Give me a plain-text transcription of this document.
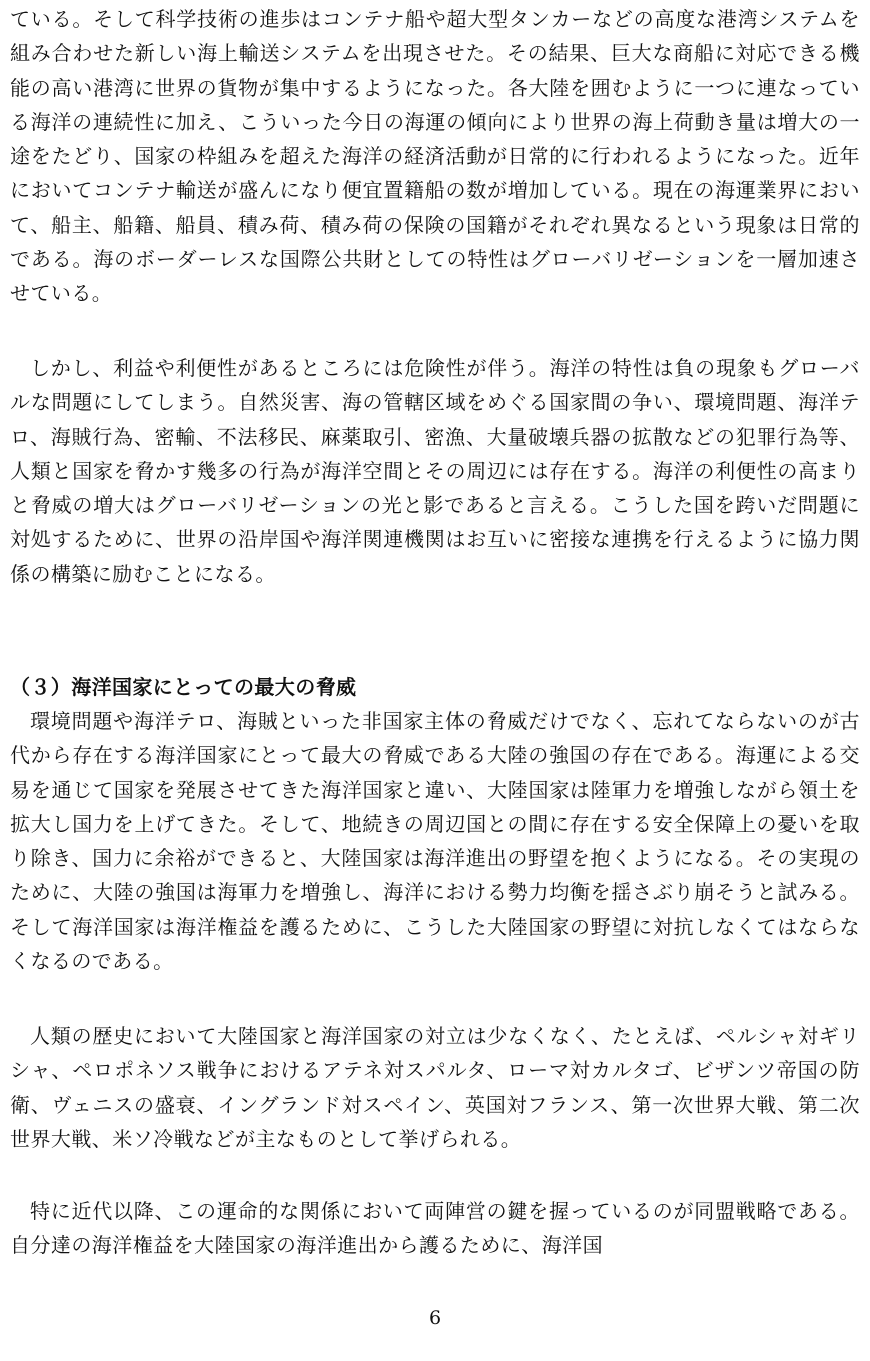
ている。そして科学技術の進歩はコンテナ船や超大型タンカーなどの高度な港湾システムを組み合わせた新しい海上輸送システムを出現させた。その結果、巨大な商船に対応できる機能の高い港湾に世界の貨物が集中するようになった。各大陸を囲むように一つに連なっている海洋の連続性に加え、こういった今日の海運の傾向により世界の海上荷動き量は増大の一途をたどり、国家の枠組みを超えた海洋の経済活動が日常的に行われるようになった。近年においてコンテナ輸送が盛んになり便宜置籍船の数が増加している。現在の海運業界において、船主、船籍、船員、積み荷、積み荷の保険の国籍がそれぞれ異なるという現象は日常的である。海のボーダーレスな国際公共財としての特性はグローバリゼーションを一層加速させている。

しかし、利益や利便性があるところには危険性が伴う。海洋の特性は負の現象もグローバルな問題にしてしまう。自然災害、海の管轄区域をめぐる国家間の争い、環境問題、海洋テロ、海賊行為、密輸、不法移民、麻薬取引、密漁、大量破壊兵器の拡散などの犯罪行為等、人類と国家を脅かす幾多の行為が海洋空間とその周辺には存在する。海洋の利便性の高まりと脅威の増大はグローバリゼーションの光と影であると言える。こうした国を跨いだ問題に対処するために、世界の沿岸国や海洋関連機関はお互いに密接な連携を行えるように協力関係の構築に励むことになる。

（３）海洋国家にとっての最大の脅威

環境問題や海洋テロ、海賊といった非国家主体の脅威だけでなく、忘れてならないのが古代から存在する海洋国家にとって最大の脅威である大陸の強国の存在である。海運による交易を通じて国家を発展させてきた海洋国家と違い、大陸国家は陸軍力を増強しながら領土を拡大し国力を上げてきた。そして、地続きの周辺国との間に存在する安全保障上の憂いを取り除き、国力に余裕ができると、大陸国家は海洋進出の野望を抱くようになる。その実現のために、大陸の強国は海軍力を増強し、海洋における勢力均衡を揺さぶり崩そうと試みる。そして海洋国家は海洋権益を護るために、こうした大陸国家の野望に対抗しなくてはならなくなるのである。

人類の歴史において大陸国家と海洋国家の対立は少なくなく、たとえば、ペルシャ対ギリシャ、ペロポネソス戦争におけるアテネ対スパルタ、ローマ対カルタゴ、ビザンツ帝国の防衛、ヴェニスの盛衰、イングランド対スペイン、英国対フランス、第一次世界大戦、第二次世界大戦、米ソ冷戦などが主なものとして挙げられる。

特に近代以降、この運命的な関係において両陣営の鍵を握っているのが同盟戦略である。自分達の海洋権益を大陸国家の海洋進出から護るために、海洋国

6
